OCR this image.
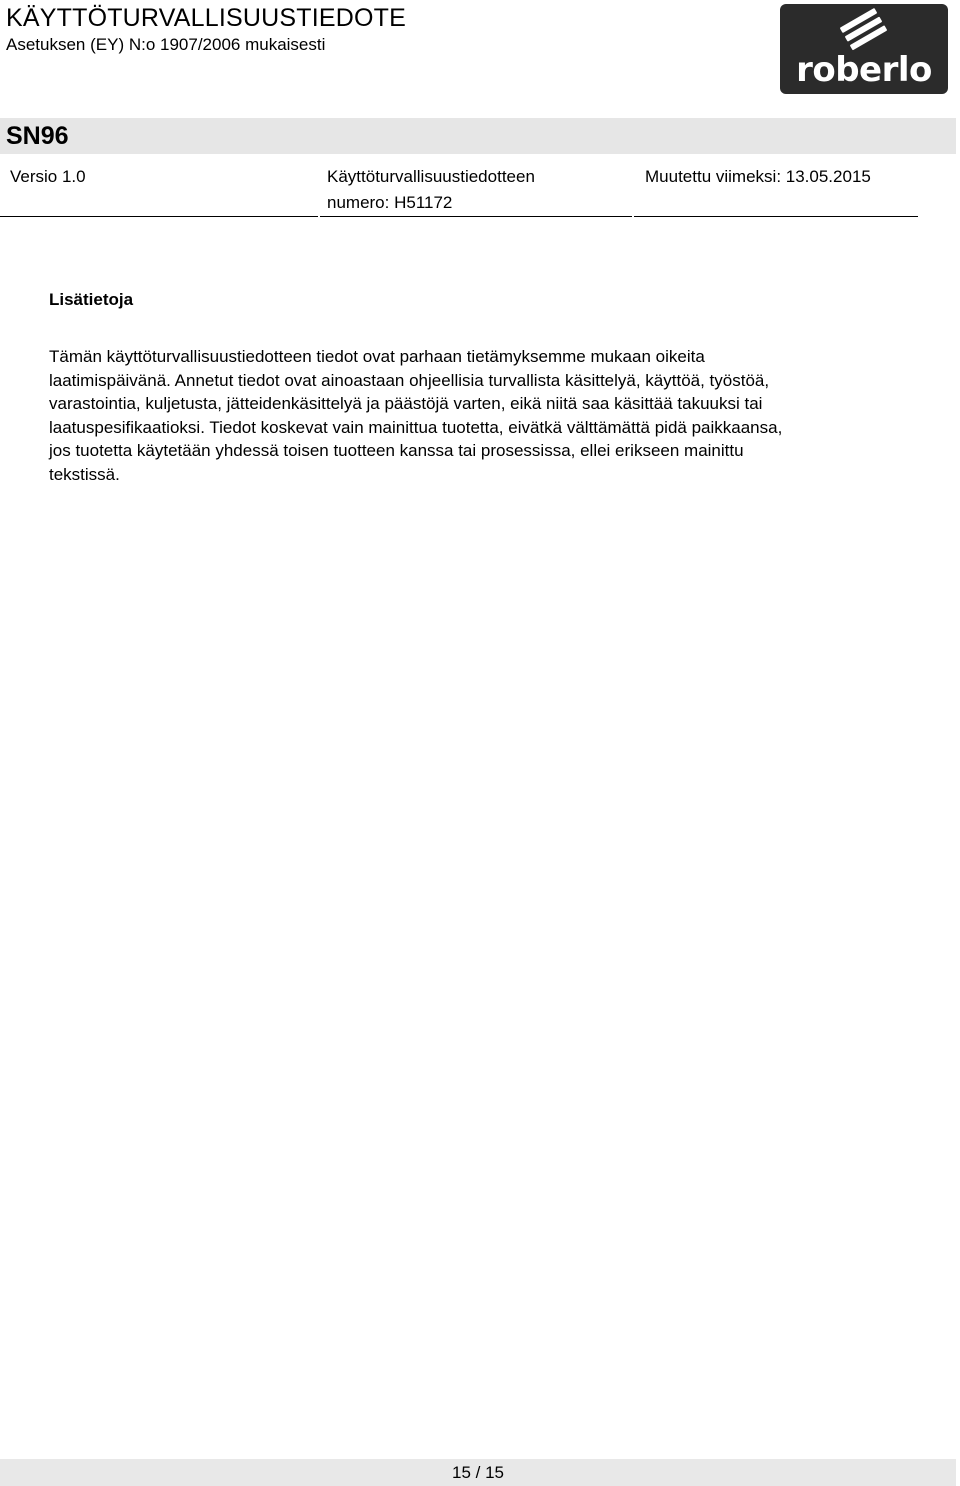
KÄYTTÖTURVALLISUUSTIEDOTE
Asetuksen (EY) N:o 1907/2006 mukaisesti
roberlo
SN96
Versio 1.0	Käyttöturvallisuustiedotteen
numero: H51172
Muutettu viimeksi: 13.05.2015
Lisätietoja
Tämän käyttöturvallisuustiedotteen tiedot ovat parhaan tietämyksemme mukaan oikeita
laatimispäivänä. Annetut tiedot ovat ainoastaan ohjeellisia turvallista käsittelyä, käyttöä, työstöä,
varastointia, kuljetusta, jätteidenkäsittelyä ja päästöjä varten, eikä niitä saa käsittää takuuksi tai
laatuspesifikaatioksi. Tiedot koskevat vain mainittua tuotetta, eivätkä välttämättä pidä paikkaansa,
jos tuotetta käytetään yhdessä toisen tuotteen kanssa tai prosessissa, ellei erikseen mainittu
tekstissä.
15 / 15
